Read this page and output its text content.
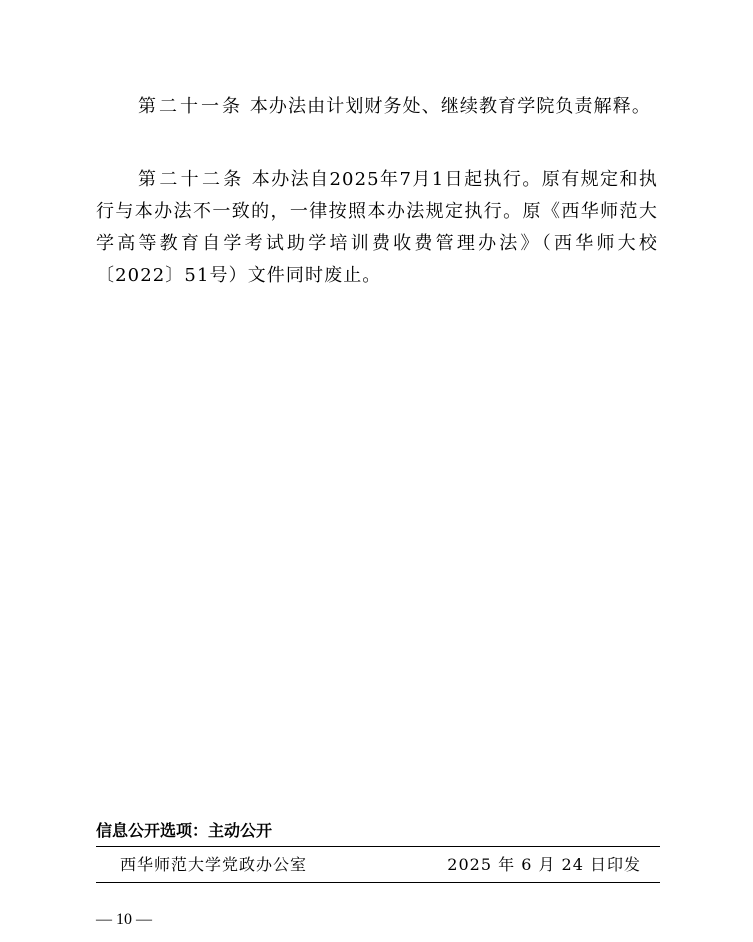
第二十一条 本办法由计划财务处、继续教育学院负责解释。

第二十二条 本办法自2025年7月1日起执行。原有规定和执行与本办法不一致的，一律按照本办法规定执行。原《西华师范大学高等教育自学考试助学培训费收费管理办法》（西华师大校〔2022〕51号）文件同时废止。

信息公开选项：主动公开
西华师范大学党政办公室	2025 年 6 月 24 日印发
— 10 —
